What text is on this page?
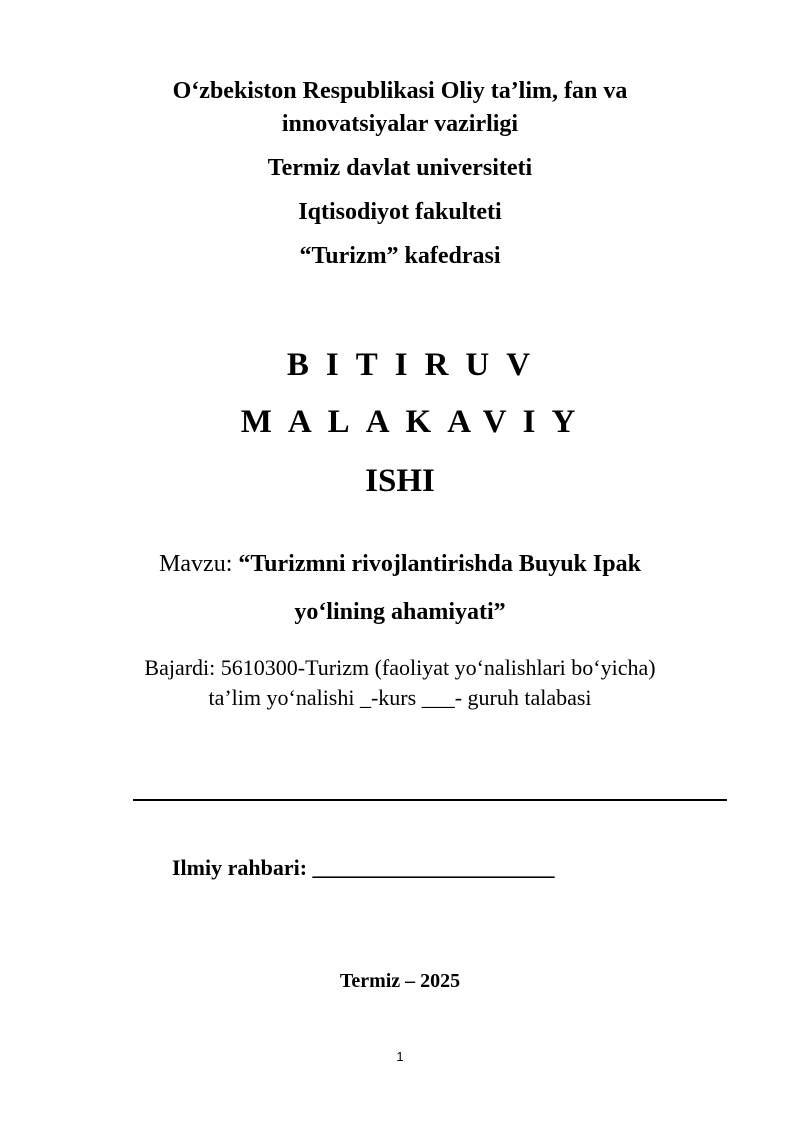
O‘zbekiston Respublikasi Oliy ta’lim, fan va
innovatsiyalar vazirligi
Termiz davlat universiteti
Iqtisodiyot fakulteti
“Turizm” kafedrasi
BITIRUV
MALAKAVIY
ISHI
Mavzu: “Turizmni rivojlantirishda Buyuk Ipak
yo‘lining ahamiyati”
Bajardi: 5610300-Turizm (faoliyat yo‘nalishlari bo‘yicha)
ta’lim yo‘nalishi _-kurs ___- guruh talabasi
Ilmiy rahbari: ______________________
Termiz – 2025
1
